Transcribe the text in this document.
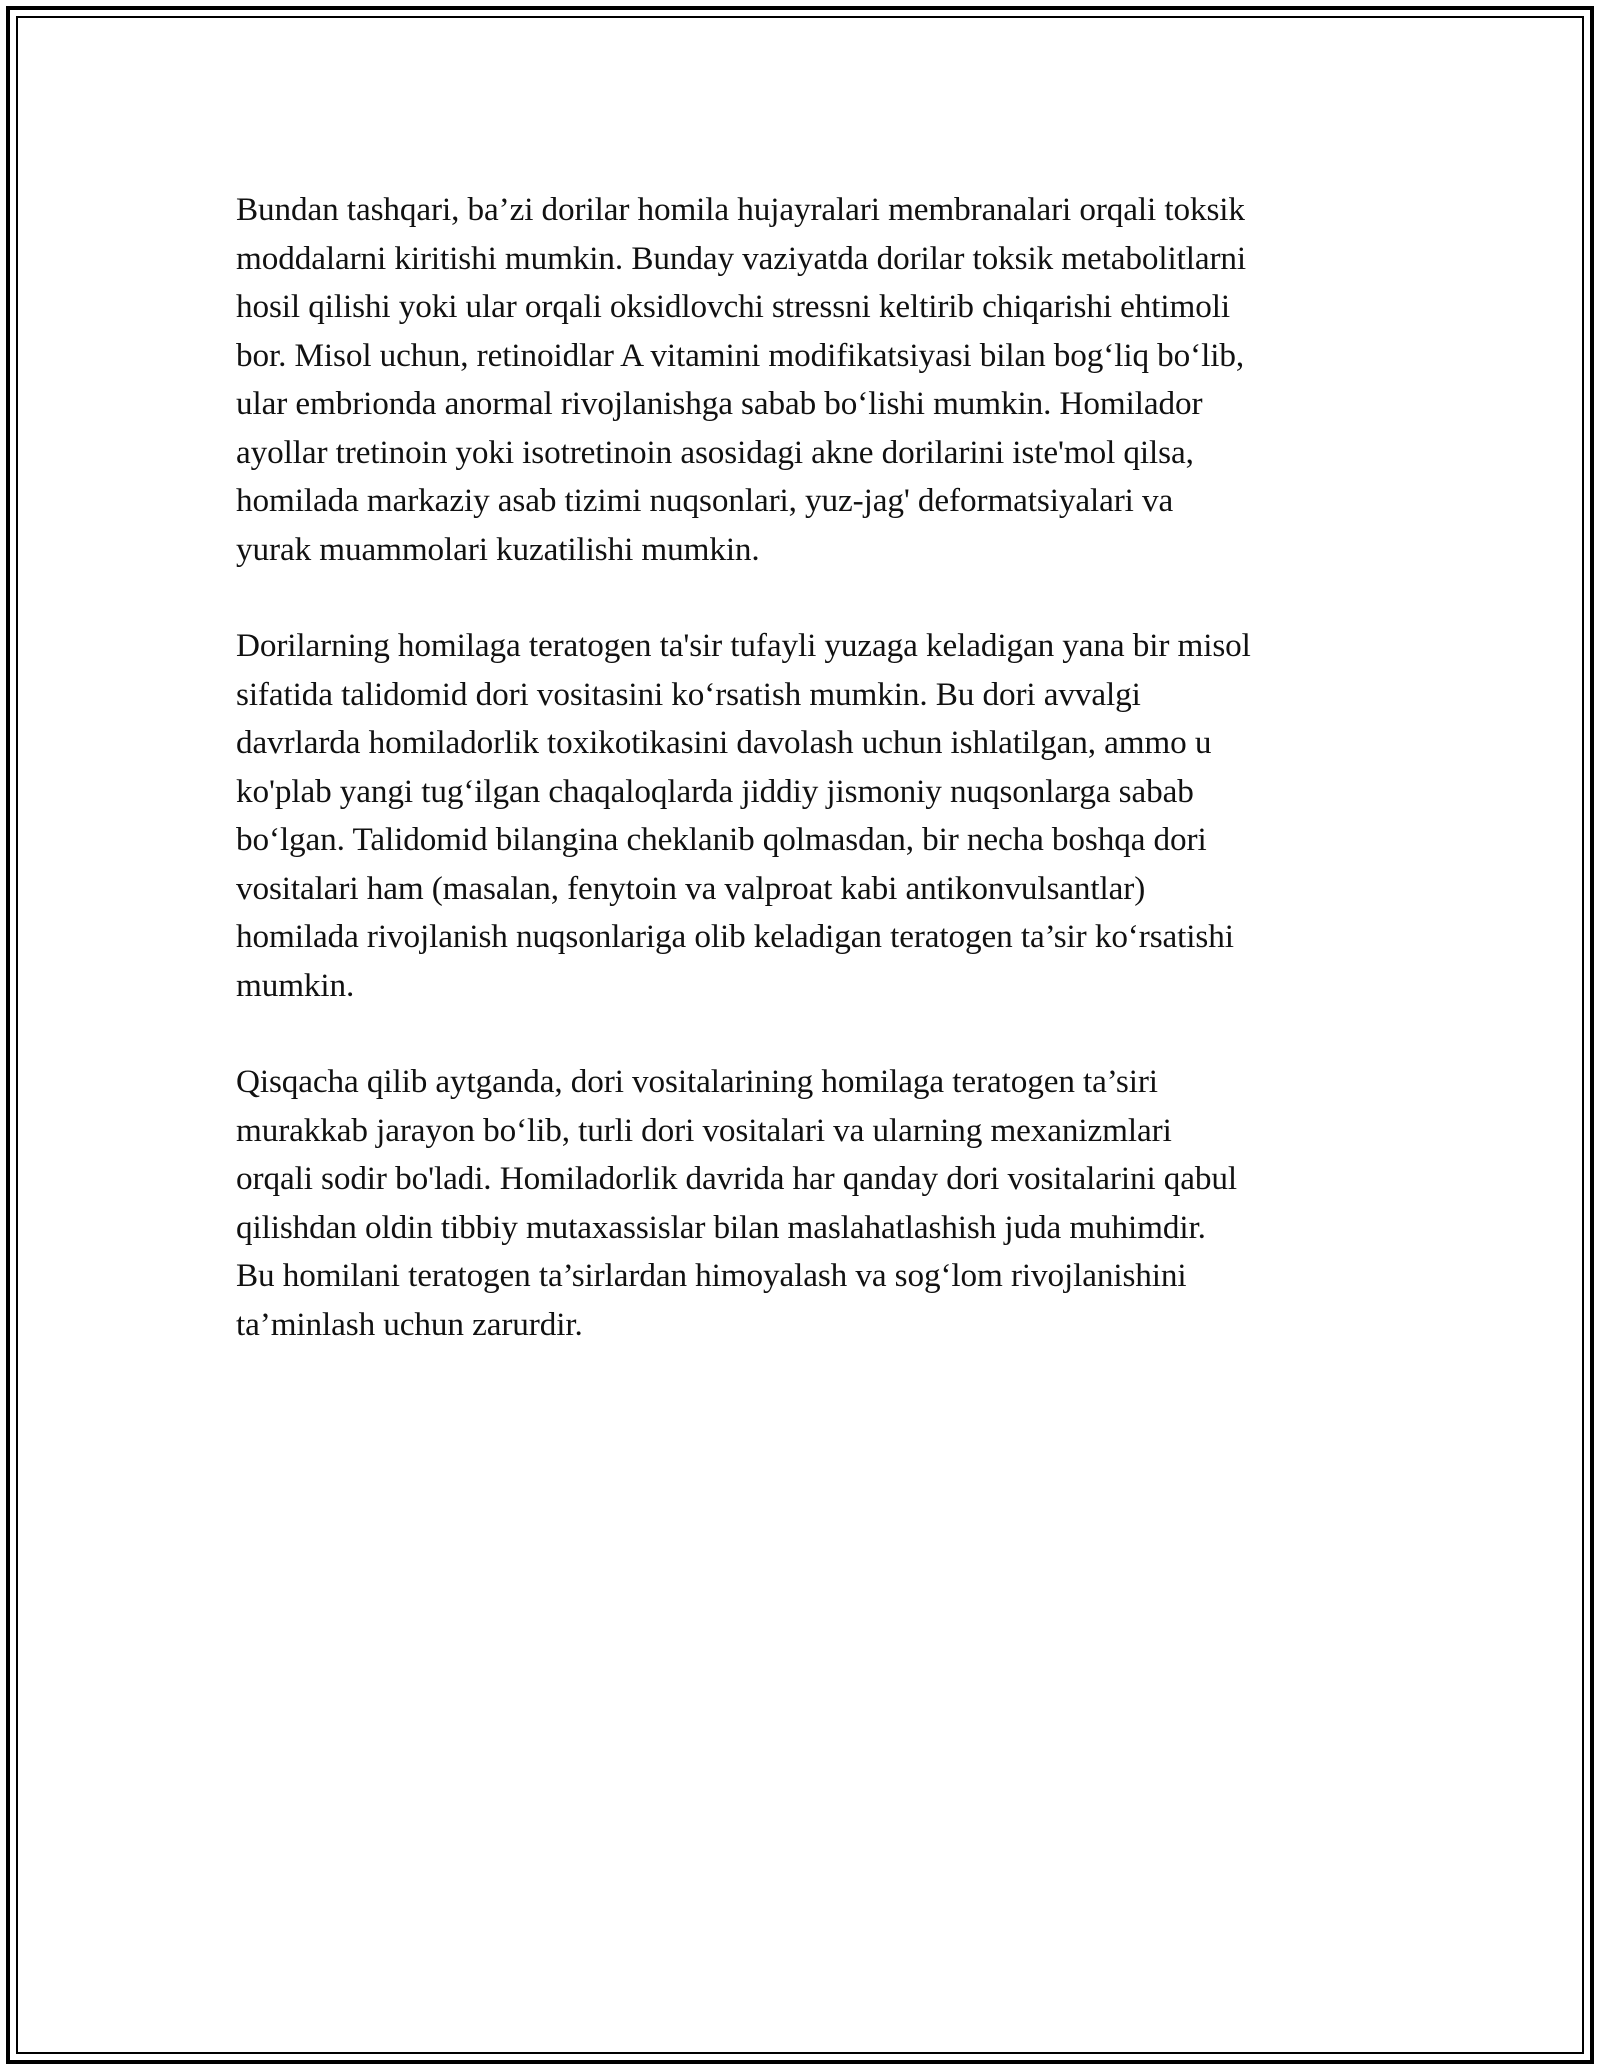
Bundan tashqari, ba’zi dorilar homila hujayralari membranalari orqali toksik
moddalarni kiritishi mumkin. Bunday vaziyatda dorilar toksik metabolitlarni
hosil qilishi yoki ular orqali oksidlovchi stressni keltirib chiqarishi ehtimoli
bor. Misol uchun, retinoidlar A vitamini modifikatsiyasi bilan bog‘liq bo‘lib,
ular embrionda anormal rivojlanishga sabab bo‘lishi mumkin. Homilador
ayollar tretinoin yoki isotretinoin asosidagi akne dorilarini iste'mol qilsa,
homilada markaziy asab tizimi nuqsonlari, yuz-jag' deformatsiyalari va
yurak muammolari kuzatilishi mumkin.

Dorilarning homilaga teratogen ta'sir tufayli yuzaga keladigan yana bir misol
sifatida talidomid dori vositasini ko‘rsatish mumkin. Bu dori avvalgi
davrlarda homiladorlik toxikotikasini davolash uchun ishlatilgan, ammo u
ko'plab yangi tug‘ilgan chaqaloqlarda jiddiy jismoniy nuqsonlarga sabab
bo‘lgan. Talidomid bilangina cheklanib qolmasdan, bir necha boshqa dori
vositalari ham (masalan, fenytoin va valproat kabi antikonvulsantlar)
homilada rivojlanish nuqsonlariga olib keladigan teratogen ta’sir ko‘rsatishi
mumkin.

Qisqacha qilib aytganda, dori vositalarining homilaga teratogen ta’siri
murakkab jarayon bo‘lib, turli dori vositalari va ularning mexanizmlari
orqali sodir bo'ladi. Homiladorlik davrida har qanday dori vositalarini qabul
qilishdan oldin tibbiy mutaxassislar bilan maslahatlashish juda muhimdir.
Bu homilani teratogen ta’sirlardan himoyalash va sog‘lom rivojlanishini
ta’minlash uchun zarurdir.
